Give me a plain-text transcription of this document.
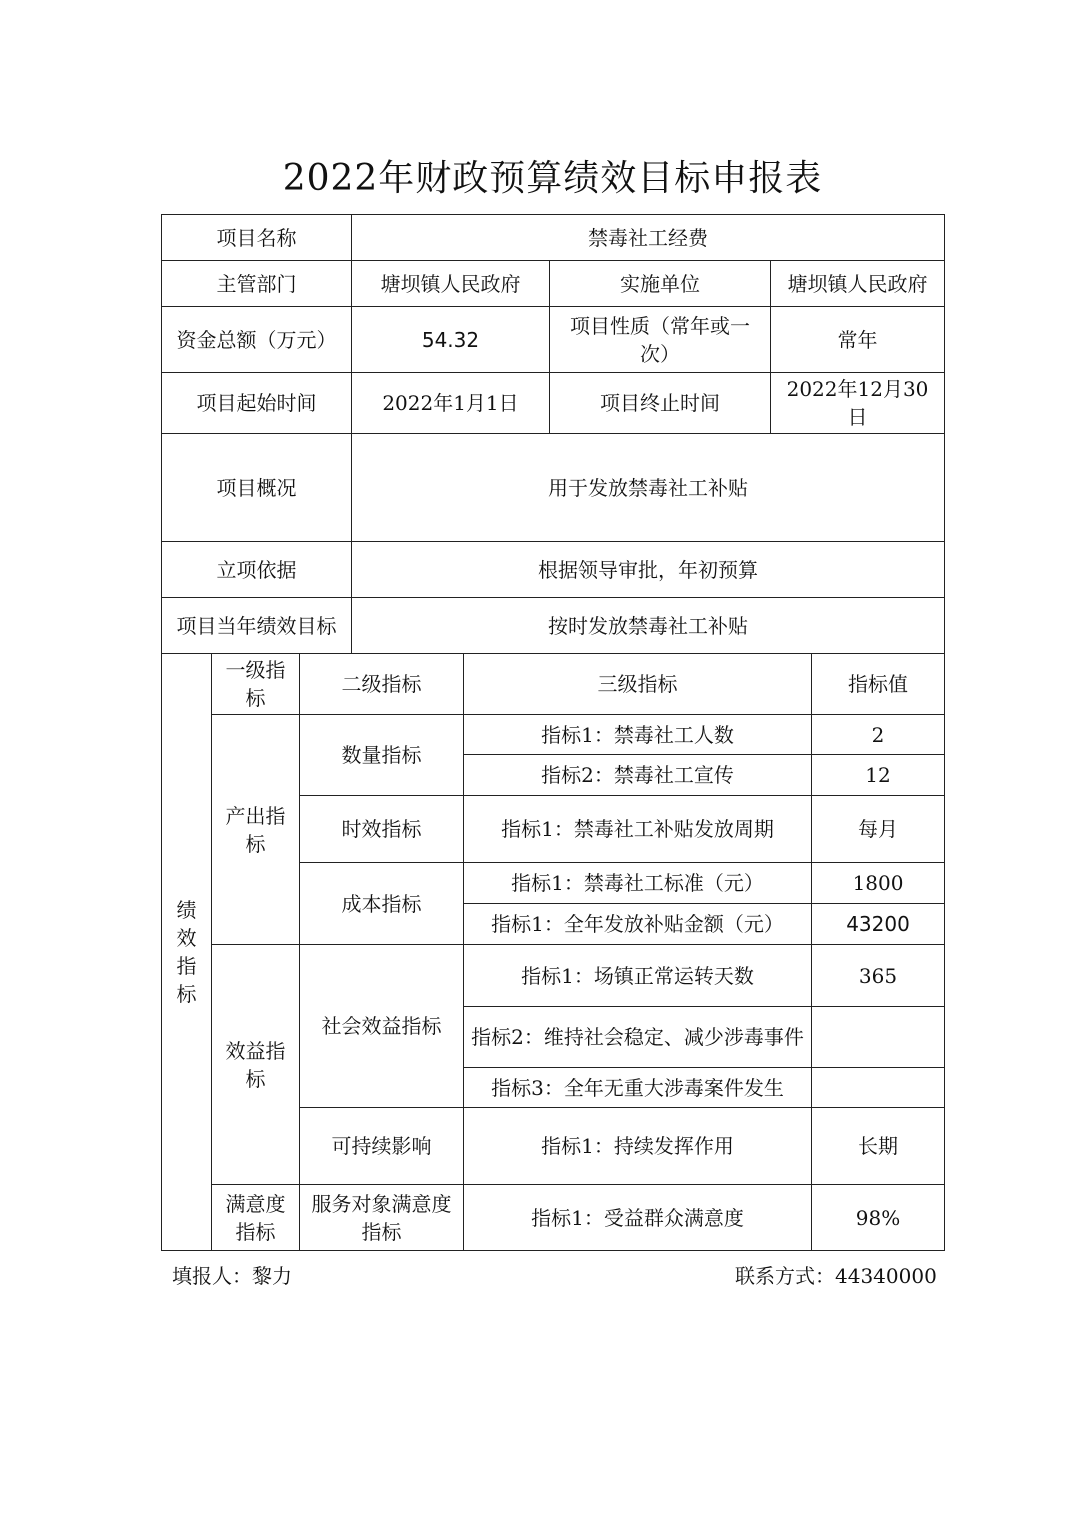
2022年财政预算绩效目标申报表
项目名称			禁毒社工经费				
主管部门			塘坝镇人民政府		实施单位	塘坝镇人民政府	
资金总额（万元）			54.32		项目性质（常年或一次）	常年	
项目起始时间			2022年1月1日		项目终止时间	2022年12月30日	
项目概况			用于发放禁毒社工补贴				
立项依据			根据领导审批，年初预算				
项目当年绩效目标			按时发放禁毒社工补贴				
绩效指标	一级指标	二级指标		三级指标			指标值
	产出指标	数量指标		指标1：禁毒社工人数			2
				指标2：禁毒社工宣传			12
		时效指标		指标1：禁毒社工补贴发放周期			每月
		成本指标		指标1：禁毒社工标准（元）			1800
				指标1：全年发放补贴金额（元）			43200
	效益指标	社会效益指标		指标1：场镇正常运转天数			365
				指标2：维持社会稳定、减少涉毒事件			
				指标3：全年无重大涉毒案件发生			
		可持续影响		指标1：持续发挥作用			长期
	满意度指标	服务对象满意度指标		指标1：受益群众满意度			98%
填报人：黎力	联系方式：44340000
